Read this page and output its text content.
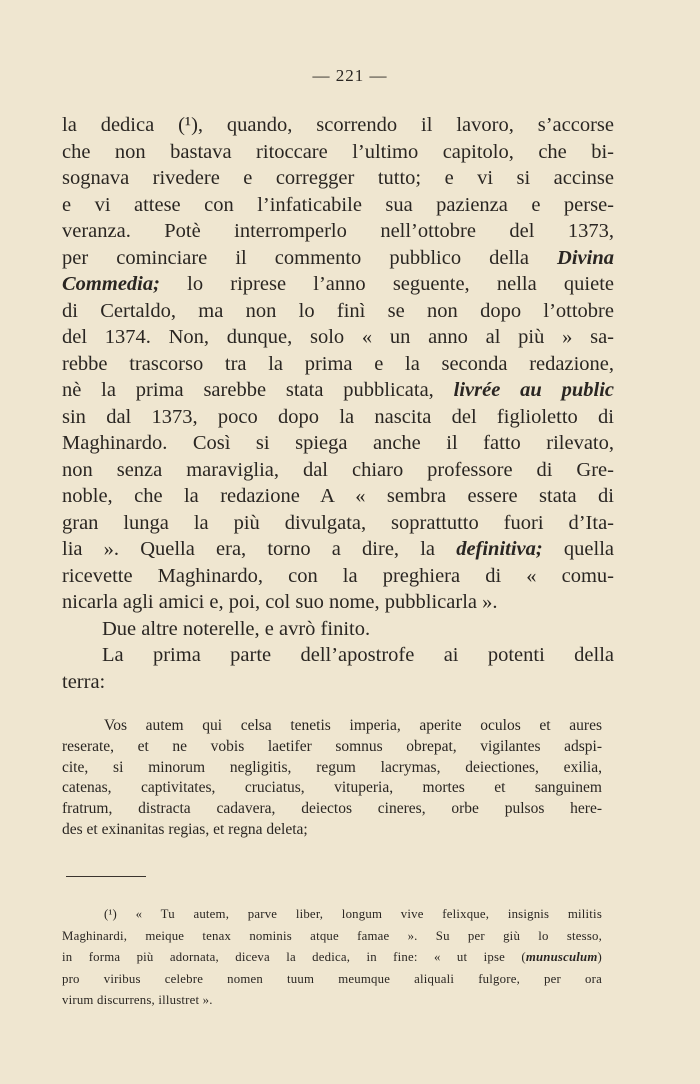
— 221 —
la dedica (¹), quando, scorrendo il lavoro, s’accorse
che non bastava ritoccare l’ultimo capitolo, che bi-
sognava rivedere e corregger tutto; e vi si accinse
e vi attese con l’infaticabile sua pazienza e perse-
veranza. Potè interromperlo nell’ottobre del 1373,
per cominciare il commento pubblico della Divina
Commedia; lo riprese l’anno seguente, nella quiete
di Certaldo, ma non lo finì se non dopo l’ottobre
del 1374. Non, dunque, solo « un anno al più » sa-
rebbe trascorso tra la prima e la seconda redazione,
nè la prima sarebbe stata pubblicata, livrée au public
sin dal 1373, poco dopo la nascita del figlioletto di
Maghinardo. Così si spiega anche il fatto rilevato,
non senza maraviglia, dal chiaro professore di Gre-
noble, che la redazione A « sembra essere stata di
gran lunga la più divulgata, soprattutto fuori d’Ita-
lia ». Quella era, torno a dire, la definitiva; quella
ricevette Maghinardo, con la preghiera di « comu-
nicarla agli amici e, poi, col suo nome, pubblicarla ».
Due altre noterelle, e avrò finito.
La prima parte dell’apostrofe ai potenti della
terra:
Vos autem qui celsa tenetis imperia, aperite oculos et aures
reserate, et ne vobis laetifer somnus obrepat, vigilantes adspi-
cite, si minorum negligitis, regum lacrymas, deiectiones, exilia,
catenas, captivitates, cruciatus, vituperia, mortes et sanguinem
fratrum, distracta cadavera, deiectos cineres, orbe pulsos here-
des et exinanitas regias, et regna deleta;
(¹) « Tu autem, parve liber, longum vive felixque, insignis militis
Maghinardi, meique tenax nominis atque famae ». Su per giù lo stesso,
in forma più adornata, diceva la dedica, in fine: « ut ipse (munusculum)
pro viribus celebre nomen tuum meumque aliquali fulgore, per ora
virum discurrens, illustret ».
